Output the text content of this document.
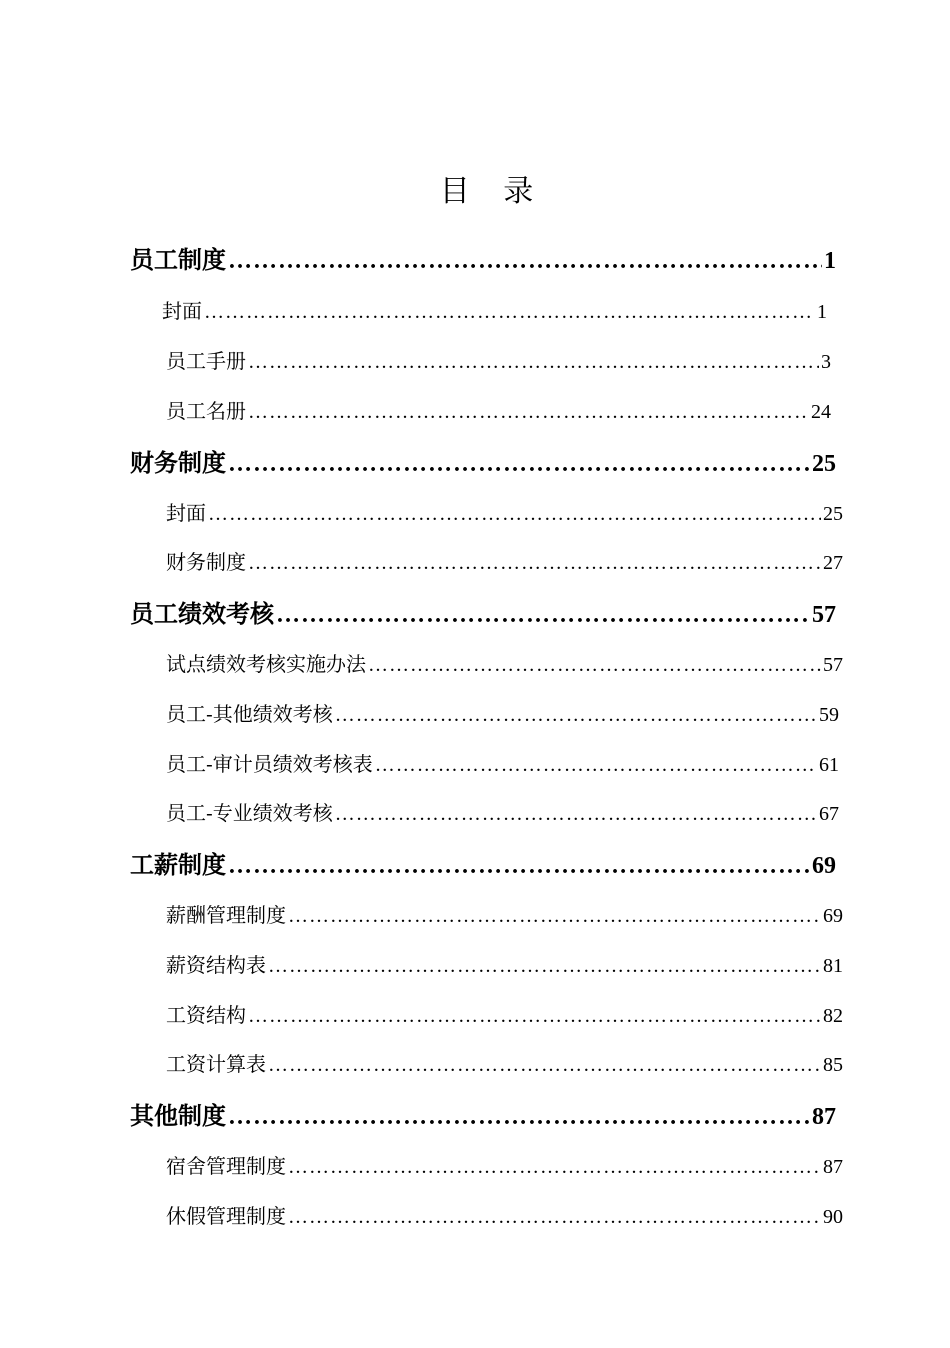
目 录
员工制度 ………………………………………………………………………………………………………………………………………………	1
封面 ………………………………………………………………………………………………………………………………………………	1
员工手册 ………………………………………………………………………………………………………………………………………………	3
员工名册 ………………………………………………………………………………………………………………………………………………	24
财务制度 ………………………………………………………………………………………………………………………………………………	25
封面 ………………………………………………………………………………………………………………………………………………	25
财务制度 ………………………………………………………………………………………………………………………………………………	27
员工绩效考核 ………………………………………………………………………………………………………………………………………………	57
试点绩效考核实施办法 ………………………………………………………………………………………………………………………………………………	57
员工-其他绩效考核 ………………………………………………………………………………………………………………………………………………	59
员工-审计员绩效考核表 ………………………………………………………………………………………………………………………………………………	61
员工-专业绩效考核 ………………………………………………………………………………………………………………………………………………	67
工薪制度 ………………………………………………………………………………………………………………………………………………	69
薪酬管理制度 ………………………………………………………………………………………………………………………………………………	69
薪资结构表 ………………………………………………………………………………………………………………………………………………	81
工资结构 ………………………………………………………………………………………………………………………………………………	82
工资计算表 ………………………………………………………………………………………………………………………………………………	85
其他制度 ………………………………………………………………………………………………………………………………………………	87
宿舍管理制度 ………………………………………………………………………………………………………………………………………………	87
休假管理制度 ………………………………………………………………………………………………………………………………………………	90
